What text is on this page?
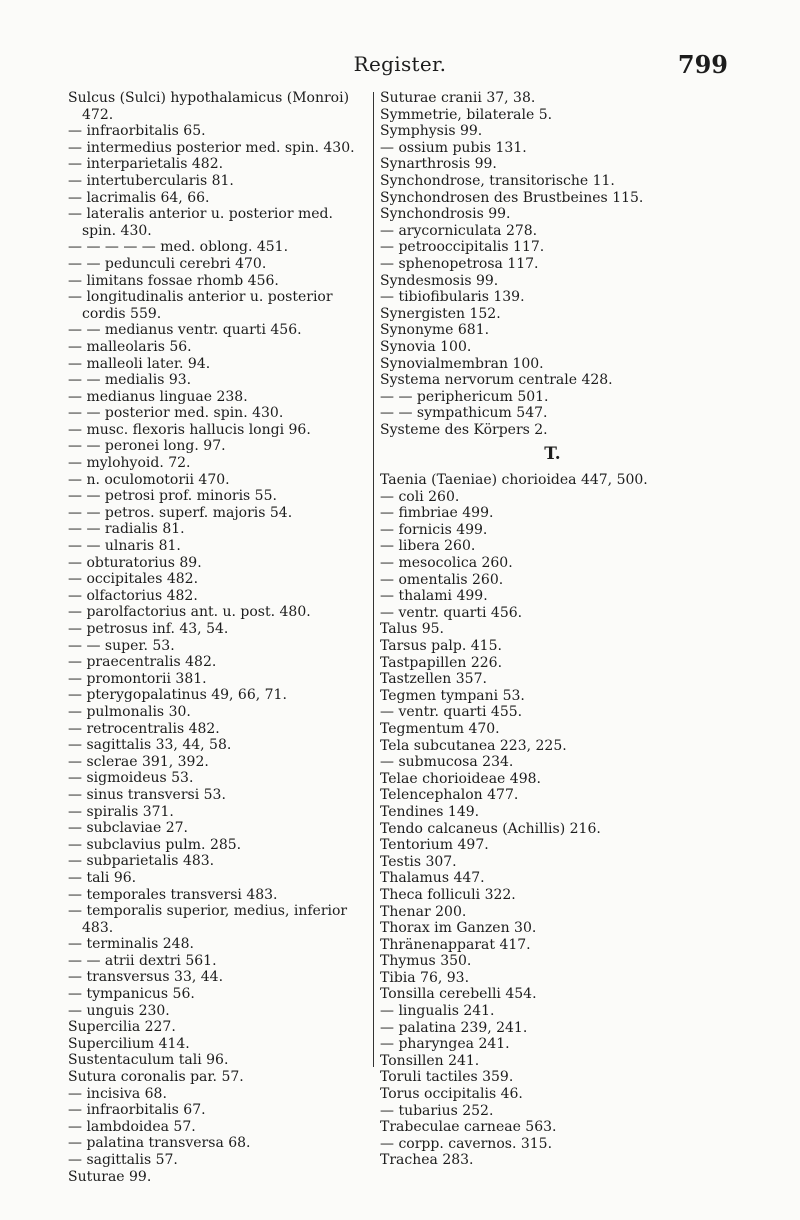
Register.	799
Sulcus (Sulci) hypothalamicus (Monroi) 472.
— infraorbitalis 65.
— intermedius posterior med. spin. 430.
— interparietalis 482.
— intertubercularis 81.
— lacrimalis 64, 66.
— lateralis anterior u. posterior med. spin. 430.
— — — — — med. oblong. 451.
— — pedunculi cerebri 470.
— limitans fossae rhomb 456.
— longitudinalis anterior u. posterior cordis 559.
— — medianus ventr. quarti 456.
— malleolaris 56.
— malleoli later. 94.
— — medialis 93.
— medianus linguae 238.
— — posterior med. spin. 430.
— musc. flexoris hallucis longi 96.
— — peronei long. 97.
— mylohyoid. 72.
— n. oculomotorii 470.
— — petrosi prof. minoris 55.
— — petros. superf. majoris 54.
— — radialis 81.
— — ulnaris 81.
— obturatorius 89.
— occipitales 482.
— olfactorius 482.
— parolfactorius ant. u. post. 480.
— petrosus inf. 43, 54.
— — super. 53.
— praecentralis 482.
— promontorii 381.
— pterygopalatinus 49, 66, 71.
— pulmonalis 30.
— retrocentralis 482.
— sagittalis 33, 44, 58.
— sclerae 391, 392.
— sigmoideus 53.
— sinus transversi 53.
— spiralis 371.
— subclaviae 27.
— subclavius pulm. 285.
— subparietalis 483.
— tali 96.
— temporales transversi 483.
— temporalis superior, medius, inferior 483.
— terminalis 248.
— — atrii dextri 561.
— transversus 33, 44.
— tympanicus 56.
— unguis 230.
Supercilia 227.
Supercilium 414.
Sustentaculum tali 96.
Sutura coronalis par. 57.
— incisiva 68.
— infraorbitalis 67.
— lambdoidea 57.
— palatina transversa 68.
— sagittalis 57.
Suturae 99.
Suturae cranii 37, 38.
Symmetrie, bilaterale 5.
Symphysis 99.
— ossium pubis 131.
Synarthrosis 99.
Synchondrose, transitorische 11.
Synchondrosen des Brustbeines 115.
Synchondrosis 99.
— arycorniculata 278.
— petrooccipitalis 117.
— sphenopetrosa 117.
Syndesmosis 99.
— tibiofibularis 139.
Synergisten 152.
Synonyme 681.
Synovia 100.
Synovialmembran 100.
Systema nervorum centrale 428.
— — periphericum 501.
— — sympathicum 547.
Systeme des Körpers 2.
T.
Taenia (Taeniae) chorioidea 447, 500.
— coli 260.
— fimbriae 499.
— fornicis 499.
— libera 260.
— mesocolica 260.
— omentalis 260.
— thalami 499.
— ventr. quarti 456.
Talus 95.
Tarsus palp. 415.
Tastpapillen 226.
Tastzellen 357.
Tegmen tympani 53.
— ventr. quarti 455.
Tegmentum 470.
Tela subcutanea 223, 225.
— submucosa 234.
Telae chorioideae 498.
Telencephalon 477.
Tendines 149.
Tendo calcaneus (Achillis) 216.
Tentorium 497.
Testis 307.
Thalamus 447.
Theca folliculi 322.
Thenar 200.
Thorax im Ganzen 30.
Thränenapparat 417.
Thymus 350.
Tibia 76, 93.
Tonsilla cerebelli 454.
— lingualis 241.
— palatina 239, 241.
— pharyngea 241.
Tonsillen 241.
Toruli tactiles 359.
Torus occipitalis 46.
— tubarius 252.
Trabeculae carneae 563.
— corpp. cavernos. 315.
Trachea 283.
